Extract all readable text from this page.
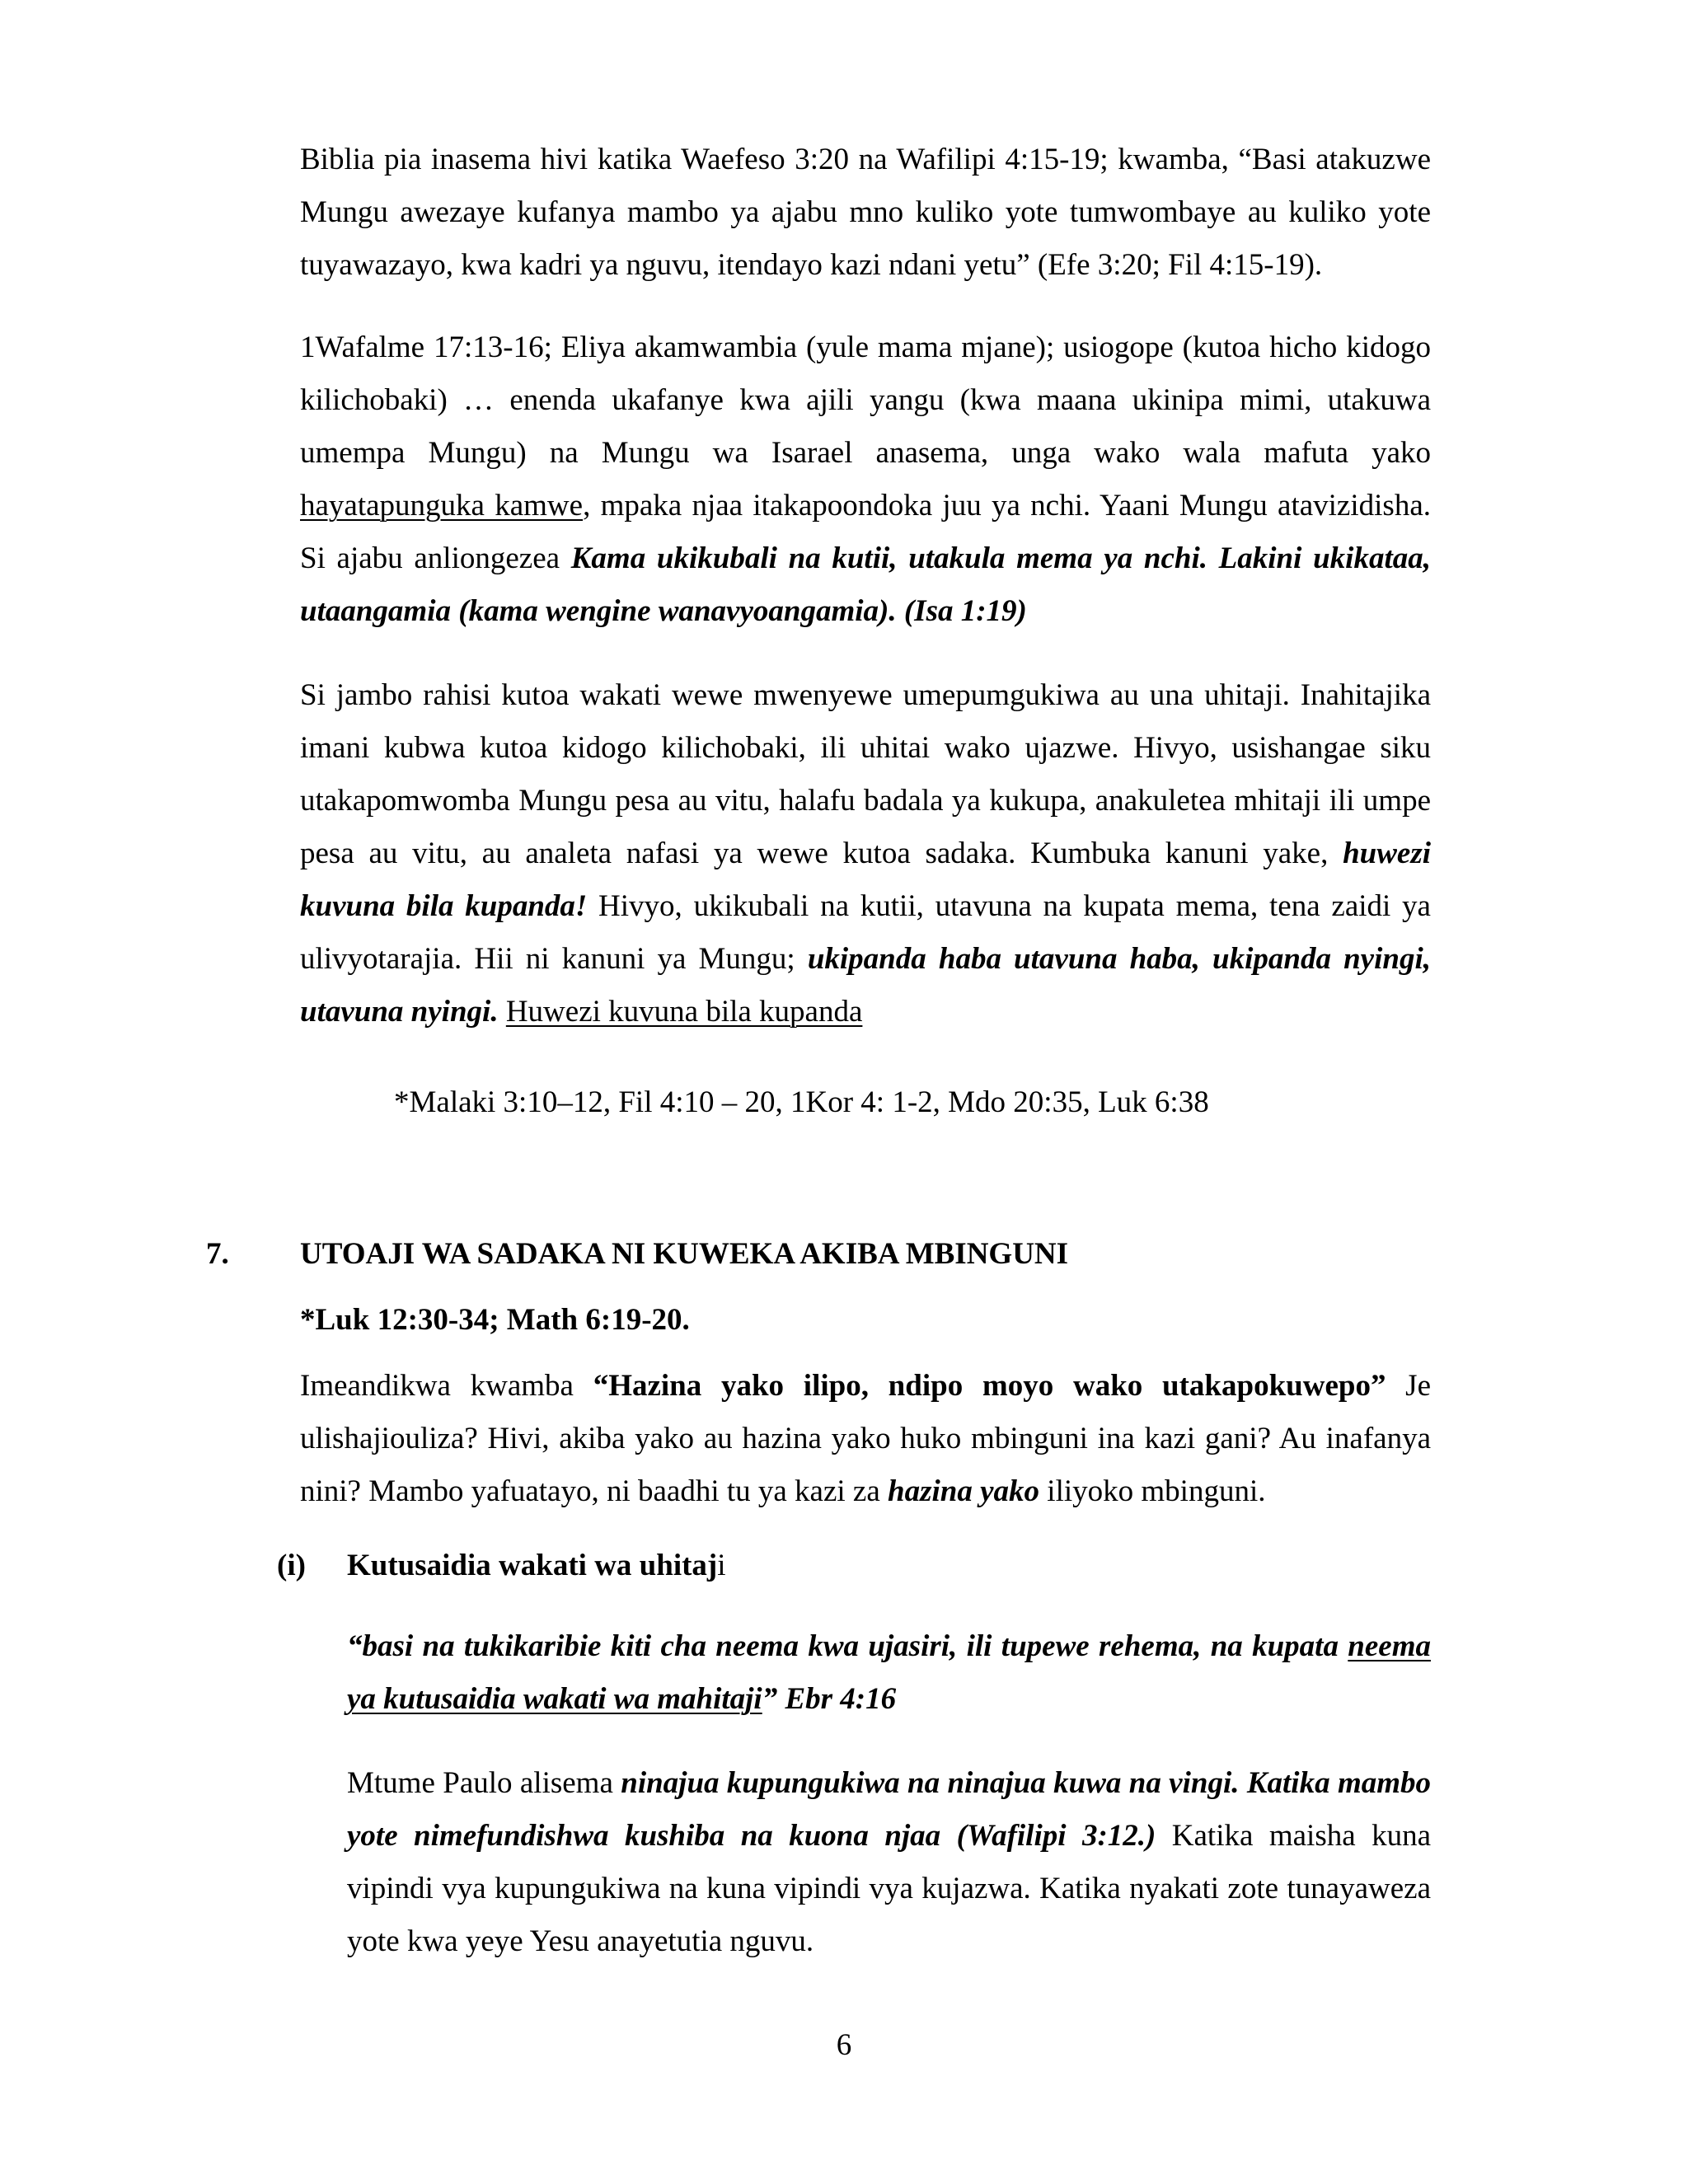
Biblia pia inasema hivi katika Waefeso 3:20 na Wafilipi 4:15-19; kwamba, “Basi atakuzwe Mungu awezaye kufanya mambo ya ajabu mno kuliko yote tumwombaye au kuliko yote tuyawazayo, kwa kadri ya nguvu, itendayo kazi ndani yetu” (Efe 3:20; Fil 4:15-19).

1Wafalme 17:13-16; Eliya akamwambia (yule mama mjane); usiogope (kutoa hicho kidogo kilichobaki) … enenda ukafanye kwa ajili yangu (kwa maana ukinipa mimi, utakuwa umempa Mungu) na Mungu wa Isarael anasema, unga wako wala mafuta yako hayatapunguka kamwe, mpaka njaa itakapoondoka juu ya nchi. Yaani Mungu atavizidisha. Si ajabu anliongezea Kama ukikubali na kutii, utakula mema ya nchi. Lakini ukikataa, utaangamia (kama wengine wanavyoangamia). (Isa 1:19)

Si jambo rahisi kutoa wakati wewe mwenyewe umepumgukiwa au una uhitaji. Inahitajika imani kubwa kutoa kidogo kilichobaki, ili uhitai wako ujazwe. Hivyo, usishangae siku utakapomwomba Mungu pesa au vitu, halafu badala ya kukupa, anakuletea mhitaji ili umpe pesa au vitu, au analeta nafasi ya wewe kutoa sadaka. Kumbuka kanuni yake, huwezi kuvuna bila kupanda! Hivyo, ukikubali na kutii, utavuna na kupata mema, tena zaidi ya ulivyotarajia. Hii ni kanuni ya Mungu; ukipanda haba utavuna haba, ukipanda nyingi, utavuna nyingi. Huwezi kuvuna bila kupanda

*Malaki 3:10–12, Fil 4:10 – 20, 1Kor 4: 1-2, Mdo 20:35, Luk 6:38

7. UTOAJI WA SADAKA NI KUWEKA AKIBA MBINGUNI

*Luk 12:30-34; Math 6:19-20.

Imeandikwa kwamba “Hazina yako ilipo, ndipo moyo wako utakapokuwepo” Je ulishajiouliza? Hivi, akiba yako au hazina yako huko mbinguni ina kazi gani? Au inafanya nini? Mambo yafuatayo, ni baadhi tu ya kazi za hazina yako iliyoko mbinguni.

(i) Kutusaidia wakati wa uhitaji

“basi na tukikaribie kiti cha neema kwa ujasiri, ili tupewe rehema, na kupata neema ya kutusaidia wakati wa mahitaji” Ebr 4:16

Mtume Paulo alisema ninajua kupungukiwa na ninajua kuwa na vingi. Katika mambo yote nimefundishwa kushiba na kuona njaa (Wafilipi 3:12.) Katika maisha kuna vipindi vya kupungukiwa na kuna vipindi vya kujazwa. Katika nyakati zote tunayaweza yote kwa yeye Yesu anayetutia nguvu.

6
